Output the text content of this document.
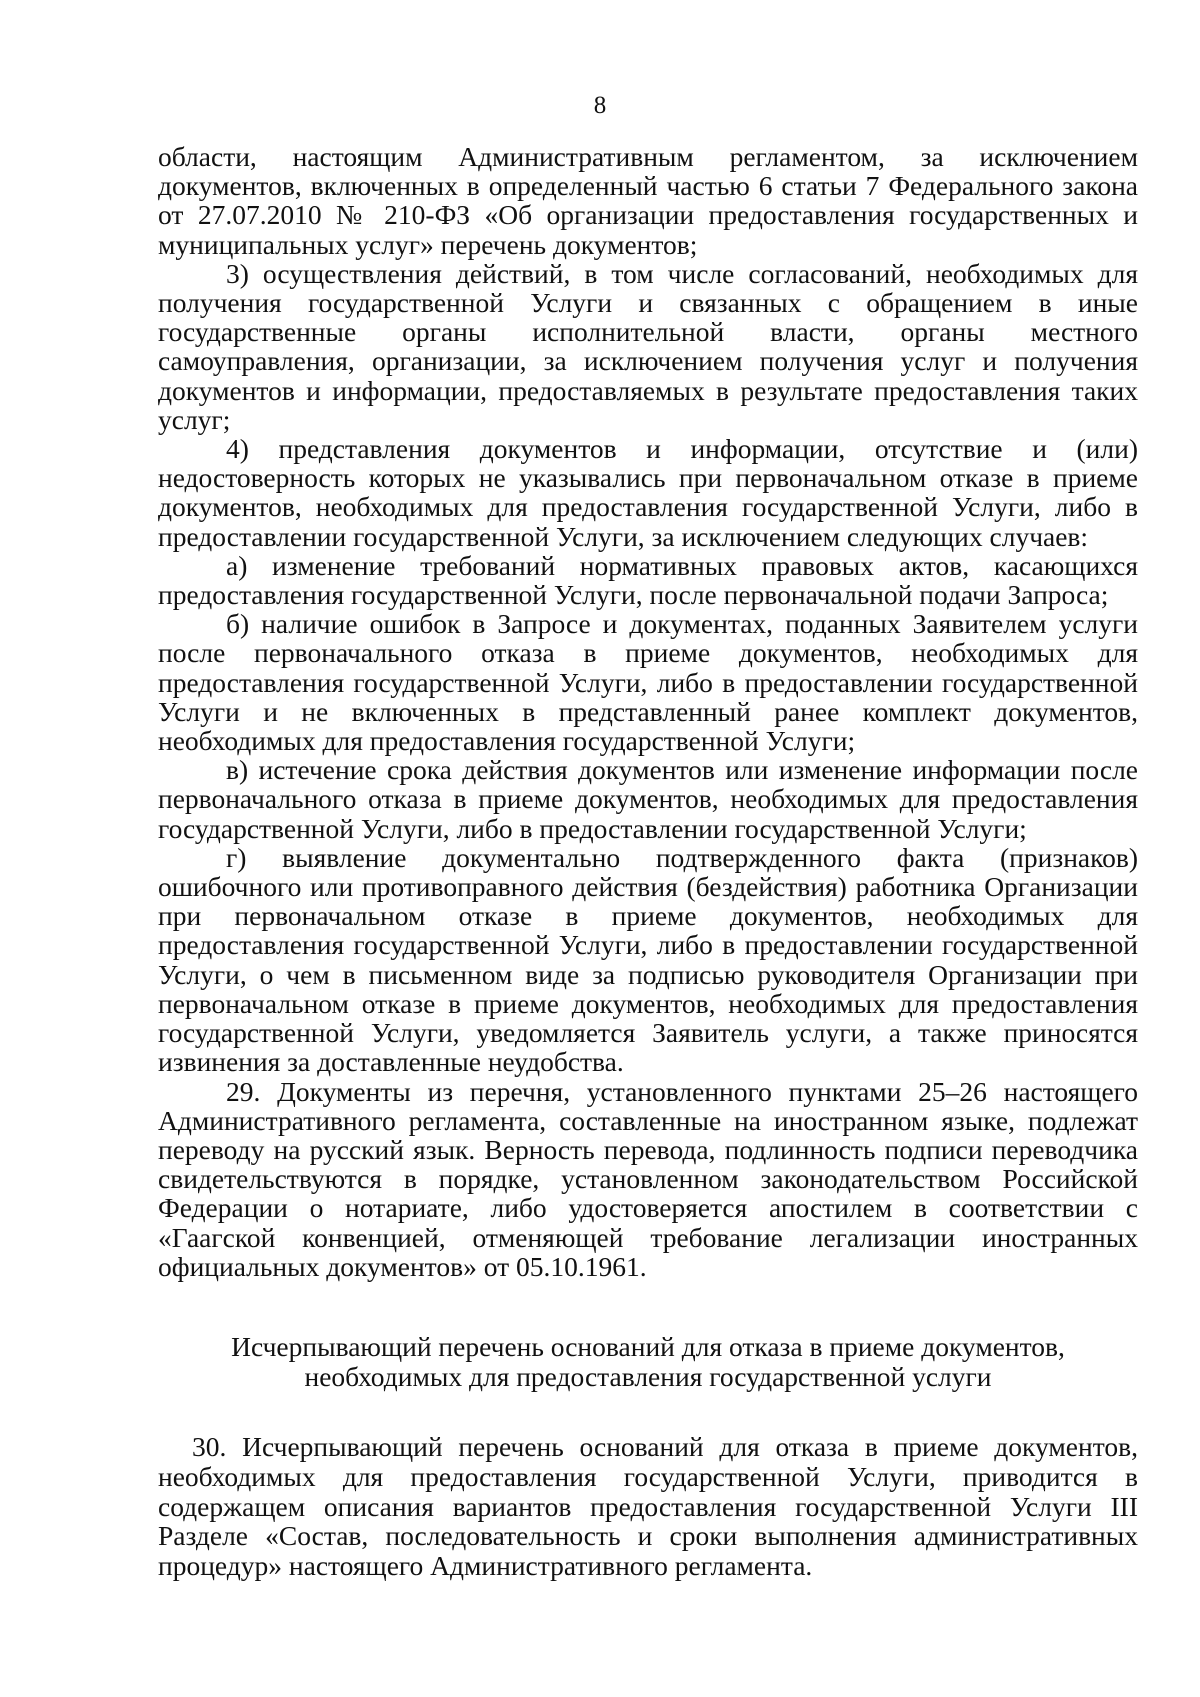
8

области, настоящим Административным регламентом, за исключением документов, включенных в определенный частью 6 статьи 7 Федерального закона от 27.07.2010 № 210-ФЗ «Об организации предоставления государственных и муниципальных услуг» перечень документов;

3) осуществления действий, в том числе согласований, необходимых для получения государственной Услуги и связанных с обращением в иные государственные органы исполнительной власти, органы местного самоуправления, организации, за исключением получения услуг и получения документов и информации, предоставляемых в результате предоставления таких услуг;

4) представления документов и информации, отсутствие и (или) недостоверность которых не указывались при первоначальном отказе в приеме документов, необходимых для предоставления государственной Услуги, либо в предоставлении государственной Услуги, за исключением следующих случаев:

а) изменение требований нормативных правовых актов, касающихся предоставления государственной Услуги, после первоначальной подачи Запроса;

б) наличие ошибок в Запросе и документах, поданных Заявителем услуги после первоначального отказа в приеме документов, необходимых для предоставления государственной Услуги, либо в предоставлении государственной Услуги и не включенных в представленный ранее комплект документов, необходимых для предоставления государственной Услуги;

в) истечение срока действия документов или изменение информации после первоначального отказа в приеме документов, необходимых для предоставления государственной Услуги, либо в предоставлении государственной Услуги;

г) выявление документально подтвержденного факта (признаков) ошибочного или противоправного действия (бездействия) работника Организации при первоначальном отказе в приеме документов, необходимых для предоставления государственной Услуги, либо в предоставлении государственной Услуги, о чем в письменном виде за подписью руководителя Организации при первоначальном отказе в приеме документов, необходимых для предоставления государственной Услуги, уведомляется Заявитель услуги, а также приносятся извинения за доставленные неудобства.

29. Документы из перечня, установленного пунктами 25–26 настоящего Административного регламента, составленные на иностранном языке, подлежат переводу на русский язык. Верность перевода, подлинность подписи переводчика свидетельствуются в порядке, установленном законодательством Российской Федерации о нотариате, либо удостоверяется апостилем в соответствии с «Гаагской конвенцией, отменяющей требование легализации иностранных официальных документов» от 05.10.1961.

Исчерпывающий перечень оснований для отказа в приеме документов,

необходимых для предоставления государственной услуги

30. Исчерпывающий перечень оснований для отказа в приеме документов, необходимых для предоставления государственной Услуги, приводится в содержащем описания вариантов предоставления государственной Услуги III Разделе «Состав, последовательность и сроки выполнения административных процедур» настоящего Административного регламента.
